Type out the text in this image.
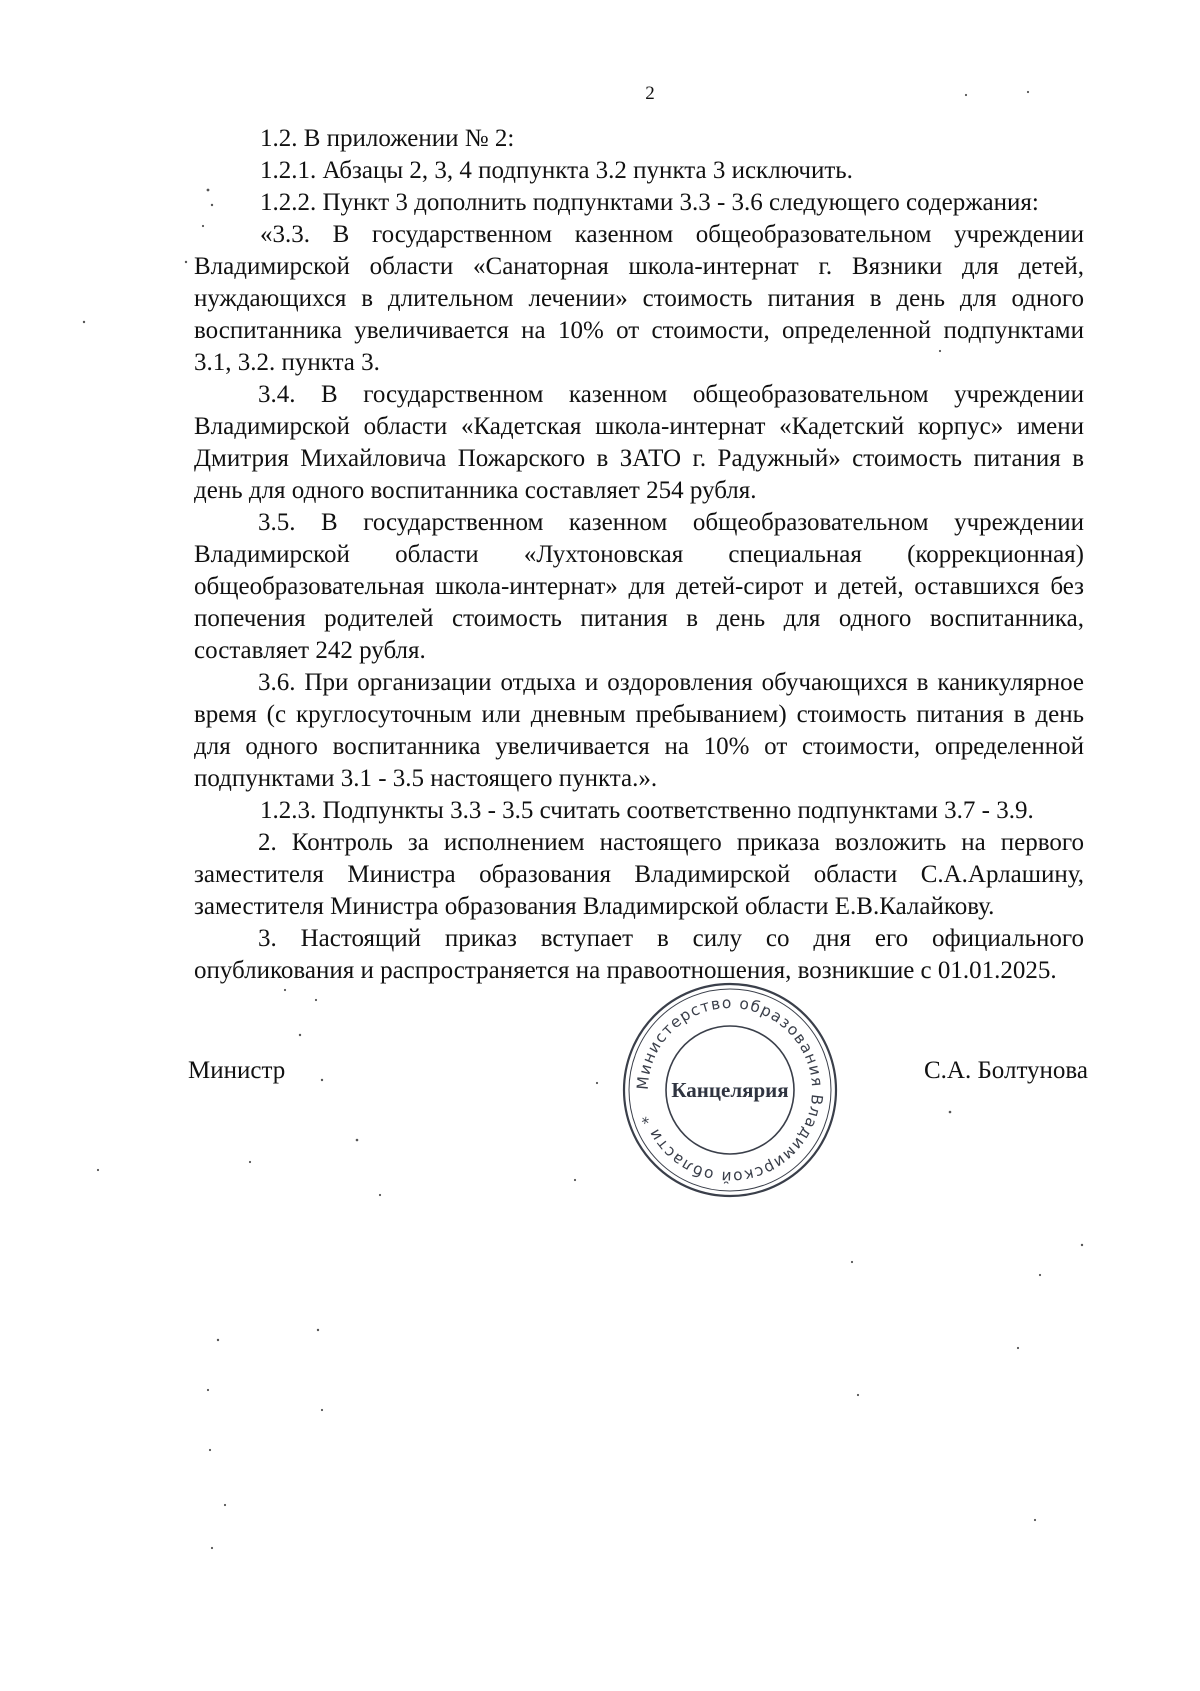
2

1.2. В приложении № 2:

1.2.1. Абзацы 2, 3, 4 подпункта 3.2 пункта 3 исключить.

1.2.2. Пункт 3 дополнить подпунктами 3.3 - 3.6 следующего содержания:

«3.3. В государственном казенном общеобразовательном учреждении Владимирской области «Санаторная школа-интернат г. Вязники для детей, нуждающихся в длительном лечении» стоимость питания в день для одного воспитанника увеличивается на 10% от стоимости, определенной подпунктами 3.1, 3.2. пункта 3.

3.4. В государственном казенном общеобразовательном учреждении Владимирской области «Кадетская школа-интернат «Кадетский корпус» имени Дмитрия Михайловича Пожарского в ЗАТО г. Радужный» стоимость питания в день для одного воспитанника составляет 254 рубля.

3.5. В государственном казенном общеобразовательном учреждении Владимирской области «Лухтоновская специальная (коррекционная) общеобразовательная школа-интернат» для детей-сирот и детей, оставшихся без попечения родителей стоимость питания в день для одного воспитанника, составляет 242 рубля.

3.6. При организации отдыха и оздоровления обучающихся в каникулярное время (с круглосуточным или дневным пребыванием) стоимость питания в день для одного воспитанника увеличивается на 10% от стоимости, определенной подпунктами 3.1 - 3.5 настоящего пункта.».

1.2.3. Подпункты 3.3 - 3.5 считать соответственно подпунктами 3.7 - 3.9.

2. Контроль за исполнением настоящего приказа возложить на первого заместителя Министра образования Владимирской области С.А.Арлашину, заместителя Министра образования Владимирской области Е.В.Калайкову.

3. Настоящий приказ вступает в силу со дня его официального опубликования и распространяется на правоотношения, возникшие с 01.01.2025.

Министр	С.А. Болтунова
Министерство образования Владимирской области *
Канцелярия
